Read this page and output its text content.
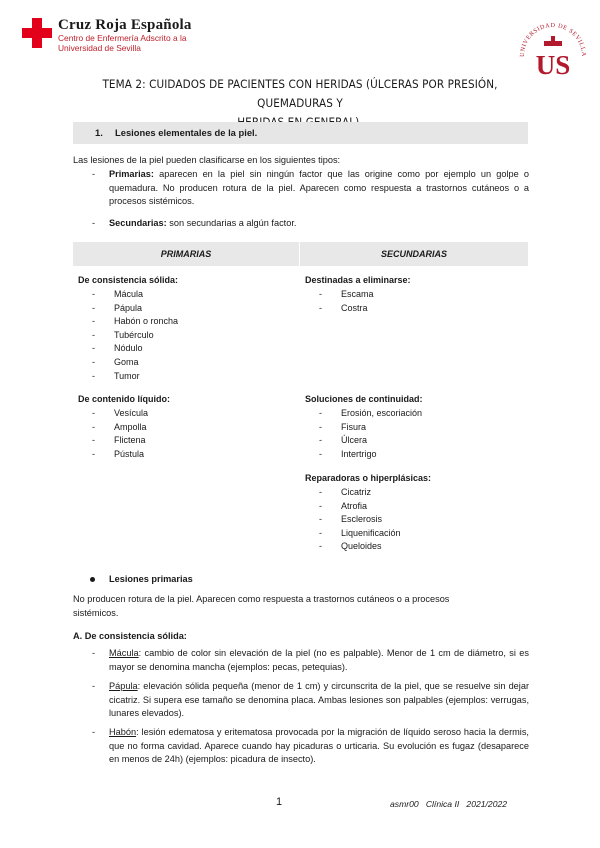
Cruz Roja Española
Centro de Enfermería Adscrito a la
Universidad de Sevilla
UNIVERSIDAD DE SEVILLA
US
TEMA 2: CUIDADOS DE PACIENTES CON HERIDAS (ÚLCERAS POR PRESIÓN, QUEMADURAS Y
1. Lesiones elementales de la piel.
Las lesiones de la piel pueden clasificarse en los siguientes tipos:
- Primarias: aparecen en la piel sin ningún factor que las origine como por ejemplo un golpe o quemadura. No producen rotura de la piel. Aparecen como respuesta a trastornos cutáneos o a procesos sistémicos.
- Secundarias: son secundarias a algún factor.
PRIMARIAS	SECUNDARIAS
De consistencia sólida:
- Mácula
- Pápula
- Habón o roncha
- Tubérculo
- Nódulo
- Goma
- Tumor
De contenido líquido:
- Vesícula
- Ampolla
- Flictena
- Pústula
Destinadas a eliminarse:
- Escama
- Costra
Soluciones de continuidad:
- Erosión, escoriación
- Fisura
- Úlcera
- Intertrigo
Reparadoras o hiperplásicas:
- Cicatriz
- Atrofia
- Esclerosis
- Liquenificación
- Queloides
Lesiones primarias
No producen rotura de la piel. Aparecen como respuesta a trastornos cutáneos o a procesos sistémicos.
A. De consistencia sólida:
- Mácula: cambio de color sin elevación de la piel (no es palpable). Menor de 1 cm de diámetro, si es mayor se denomina mancha (ejemplos: pecas, petequias).
- Pápula: elevación sólida pequeña (menor de 1 cm) y circunscrita de la piel, que se resuelve sin dejar cicatriz. Si supera ese tamaño se denomina placa. Ambas lesiones son palpables (ejemplos: verrugas, lunares elevados).
- Habón: lesión edematosa y eritematosa provocada por la migración de líquido seroso hacia la dermis, que no forma cavidad. Aparece cuando hay picaduras o urticaria. Su evolución es fugaz (desaparece en menos de 24h) (ejemplos: picadura de insecto).
1	asmr00   Clínica II   2021/2022
